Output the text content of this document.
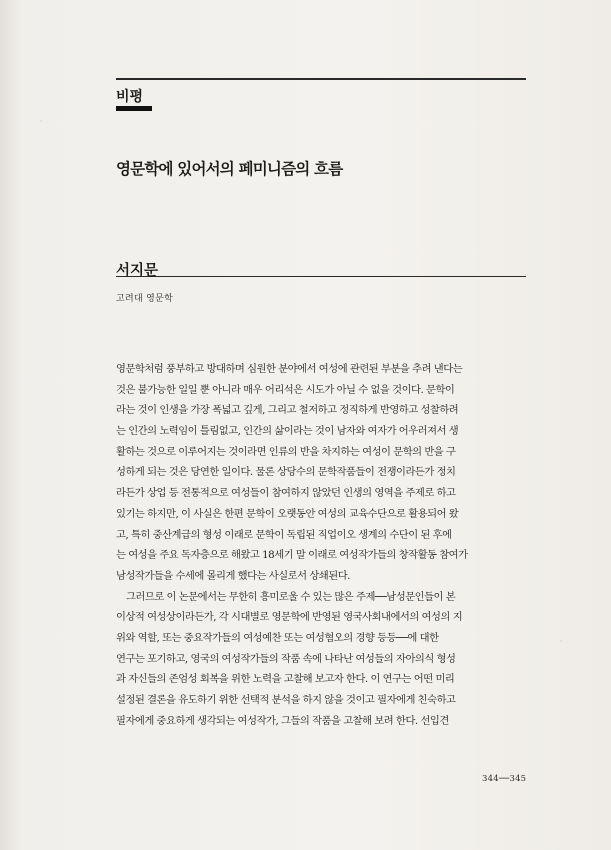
비평
영문학에 있어서의 페미니즘의 흐름
서지문
고려대 영문학
영문학처럼 풍부하고 방대하며 심원한 분야에서 여성에 관련된 부분을 추려 낸다는
것은 불가능한 일일 뿐 아니라 매우 어리석은 시도가 아닐 수 없을 것이다. 문학이
라는 것이 인생을 가장 폭넓고 깊게, 그리고 철저하고 정직하게 반영하고 성찰하려
는 인간의 노력임이 틀림없고, 인간의 삶이라는 것이 남자와 여자가 어우러져서 생
활하는 것으로 이루어지는 것이라면 인류의 반을 차지하는 여성이 문학의 반을 구
성하게 되는 것은 당연한 일이다. 물론 상당수의 문학작품들이 전쟁이라든가 정치
라든가 상업 등 전통적으로 여성들이 참여하지 않았던 인생의 영역을 주제로 하고
있기는 하지만, 이 사실은 한편 문학이 오랫동안 여성의 교육수단으로 활용되어 왔
고, 특히 중산계급의 형성 이래로 문학이 독립된 직업이오 생계의 수단이 된 후에
는 여성을 주요 독자층으로 해왔고 18세기 말 이래로 여성작가들의 창작활동 참여가
남성작가들을 수세에 몰리게 했다는 사실로서 상쇄된다.
그러므로 이 논문에서는 무한히 흥미로울 수 있는 많은 주제──남성문인들이 본
이상적 여성상이라든가, 각 시대별로 영문학에 반영된 영국사회내에서의 여성의 지
위와 역할, 또는 중요작가들의 여성예찬 또는 여성혐오의 경향 등등──에 대한
연구는 포기하고, 영국의 여성작가들의 작품 속에 나타난 여성들의 자아의식 형성
과 자신들의 존엄성 회복을 위한 노력을 고찰해 보고자 한다. 이 연구는 어떤 미리
설정된 결론을 유도하기 위한 선택적 분석을 하지 않을 것이고 필자에게 친숙하고
필자에게 중요하게 생각되는 여성작가, 그들의 작품을 고찰해 보려 한다. 선입견
344──345
